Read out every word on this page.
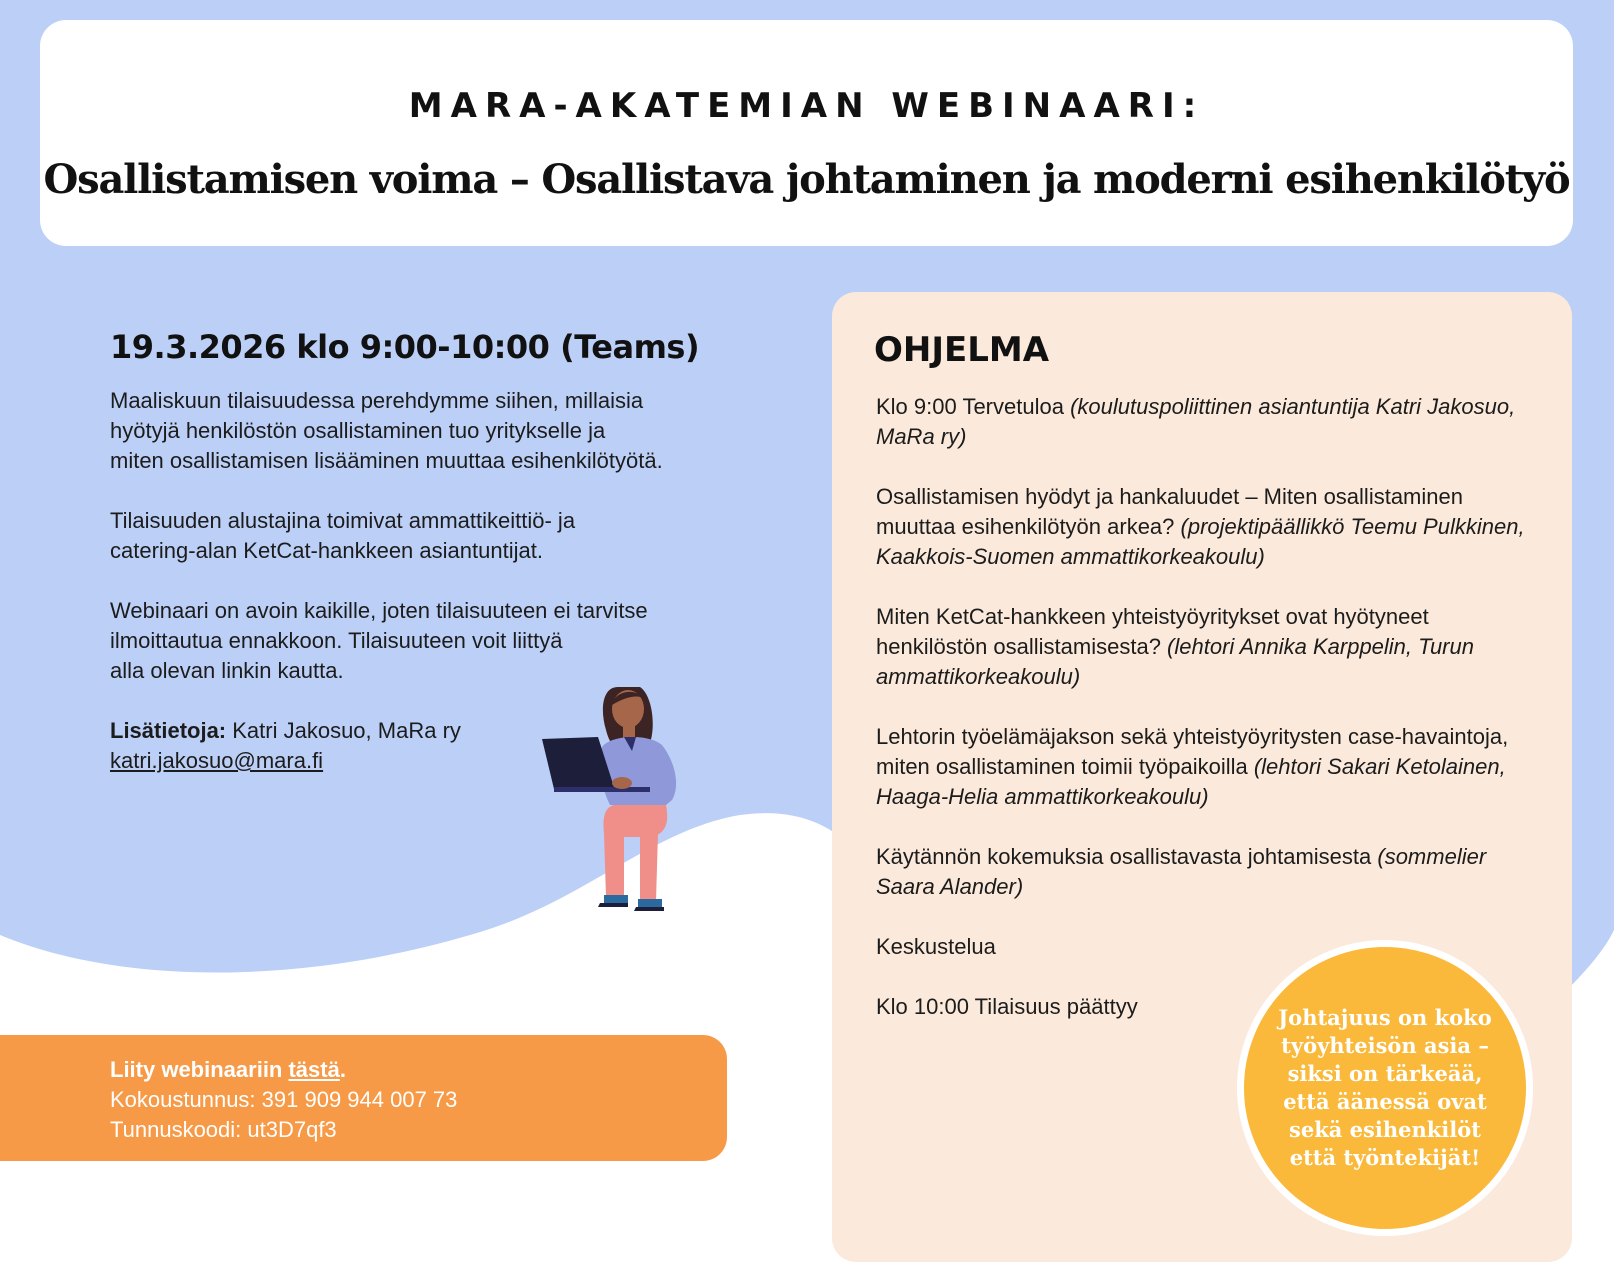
MARA-AKATEMIAN WEBINAARI:
Osallistamisen voima – Osallistava johtaminen ja moderni esihenkilötyö
19.3.2026 klo 9:00-10:00 (Teams)

Maaliskuun tilaisuudessa perehdymme siihen, millaisia
hyötyjä henkilöstön osallistaminen tuo yritykselle ja
miten osallistamisen lisääminen muuttaa esihenkilötyötä.

Tilaisuuden alustajina toimivat ammattikeittiö- ja
catering-alan KetCat-hankkeen asiantuntijat.

Webinaari on avoin kaikille, joten tilaisuuteen ei tarvitse
ilmoittautua ennakkoon. Tilaisuuteen voit liittyä
alla olevan linkin kautta.

Lisätietoja: Katri Jakosuo, MaRa ry
katri.jakosuo@mara.fi

Liity webinaariin tästä.
Kokoustunnus: 391 909 944 007 73
Tunnuskoodi: ut3D7qf3
OHJELMA

Klo 9:00 Tervetuloa (koulutuspoliittinen asiantuntija Katri Jakosuo, MaRa ry)

Osallistamisen hyödyt ja hankaluudet – Miten osallistaminen muuttaa esihenkilötyön arkea? (projektipäällikkö Teemu Pulkkinen, Kaakkois-Suomen ammattikorkeakoulu)

Miten KetCat-hankkeen yhteistyöyritykset ovat hyötyneet henkilöstön osallistamisesta? (lehtori Annika Karppelin, Turun ammattikorkeakoulu)

Lehtorin työelämäjakson sekä yhteistyöyritysten case-havaintoja, miten osallistaminen toimii työpaikoilla (lehtori Sakari Ketolainen, Haaga-Helia ammattikorkeakoulu)

Käytännön kokemuksia osallistavasta johtamisesta (sommelier Saara Alander)

Keskustelua

Klo 10:00 Tilaisuus päättyy	Johtajuus on koko työyhteisön asia – siksi on tärkeää, että äänessä ovat sekä esihenkilöt että työntekijät!
